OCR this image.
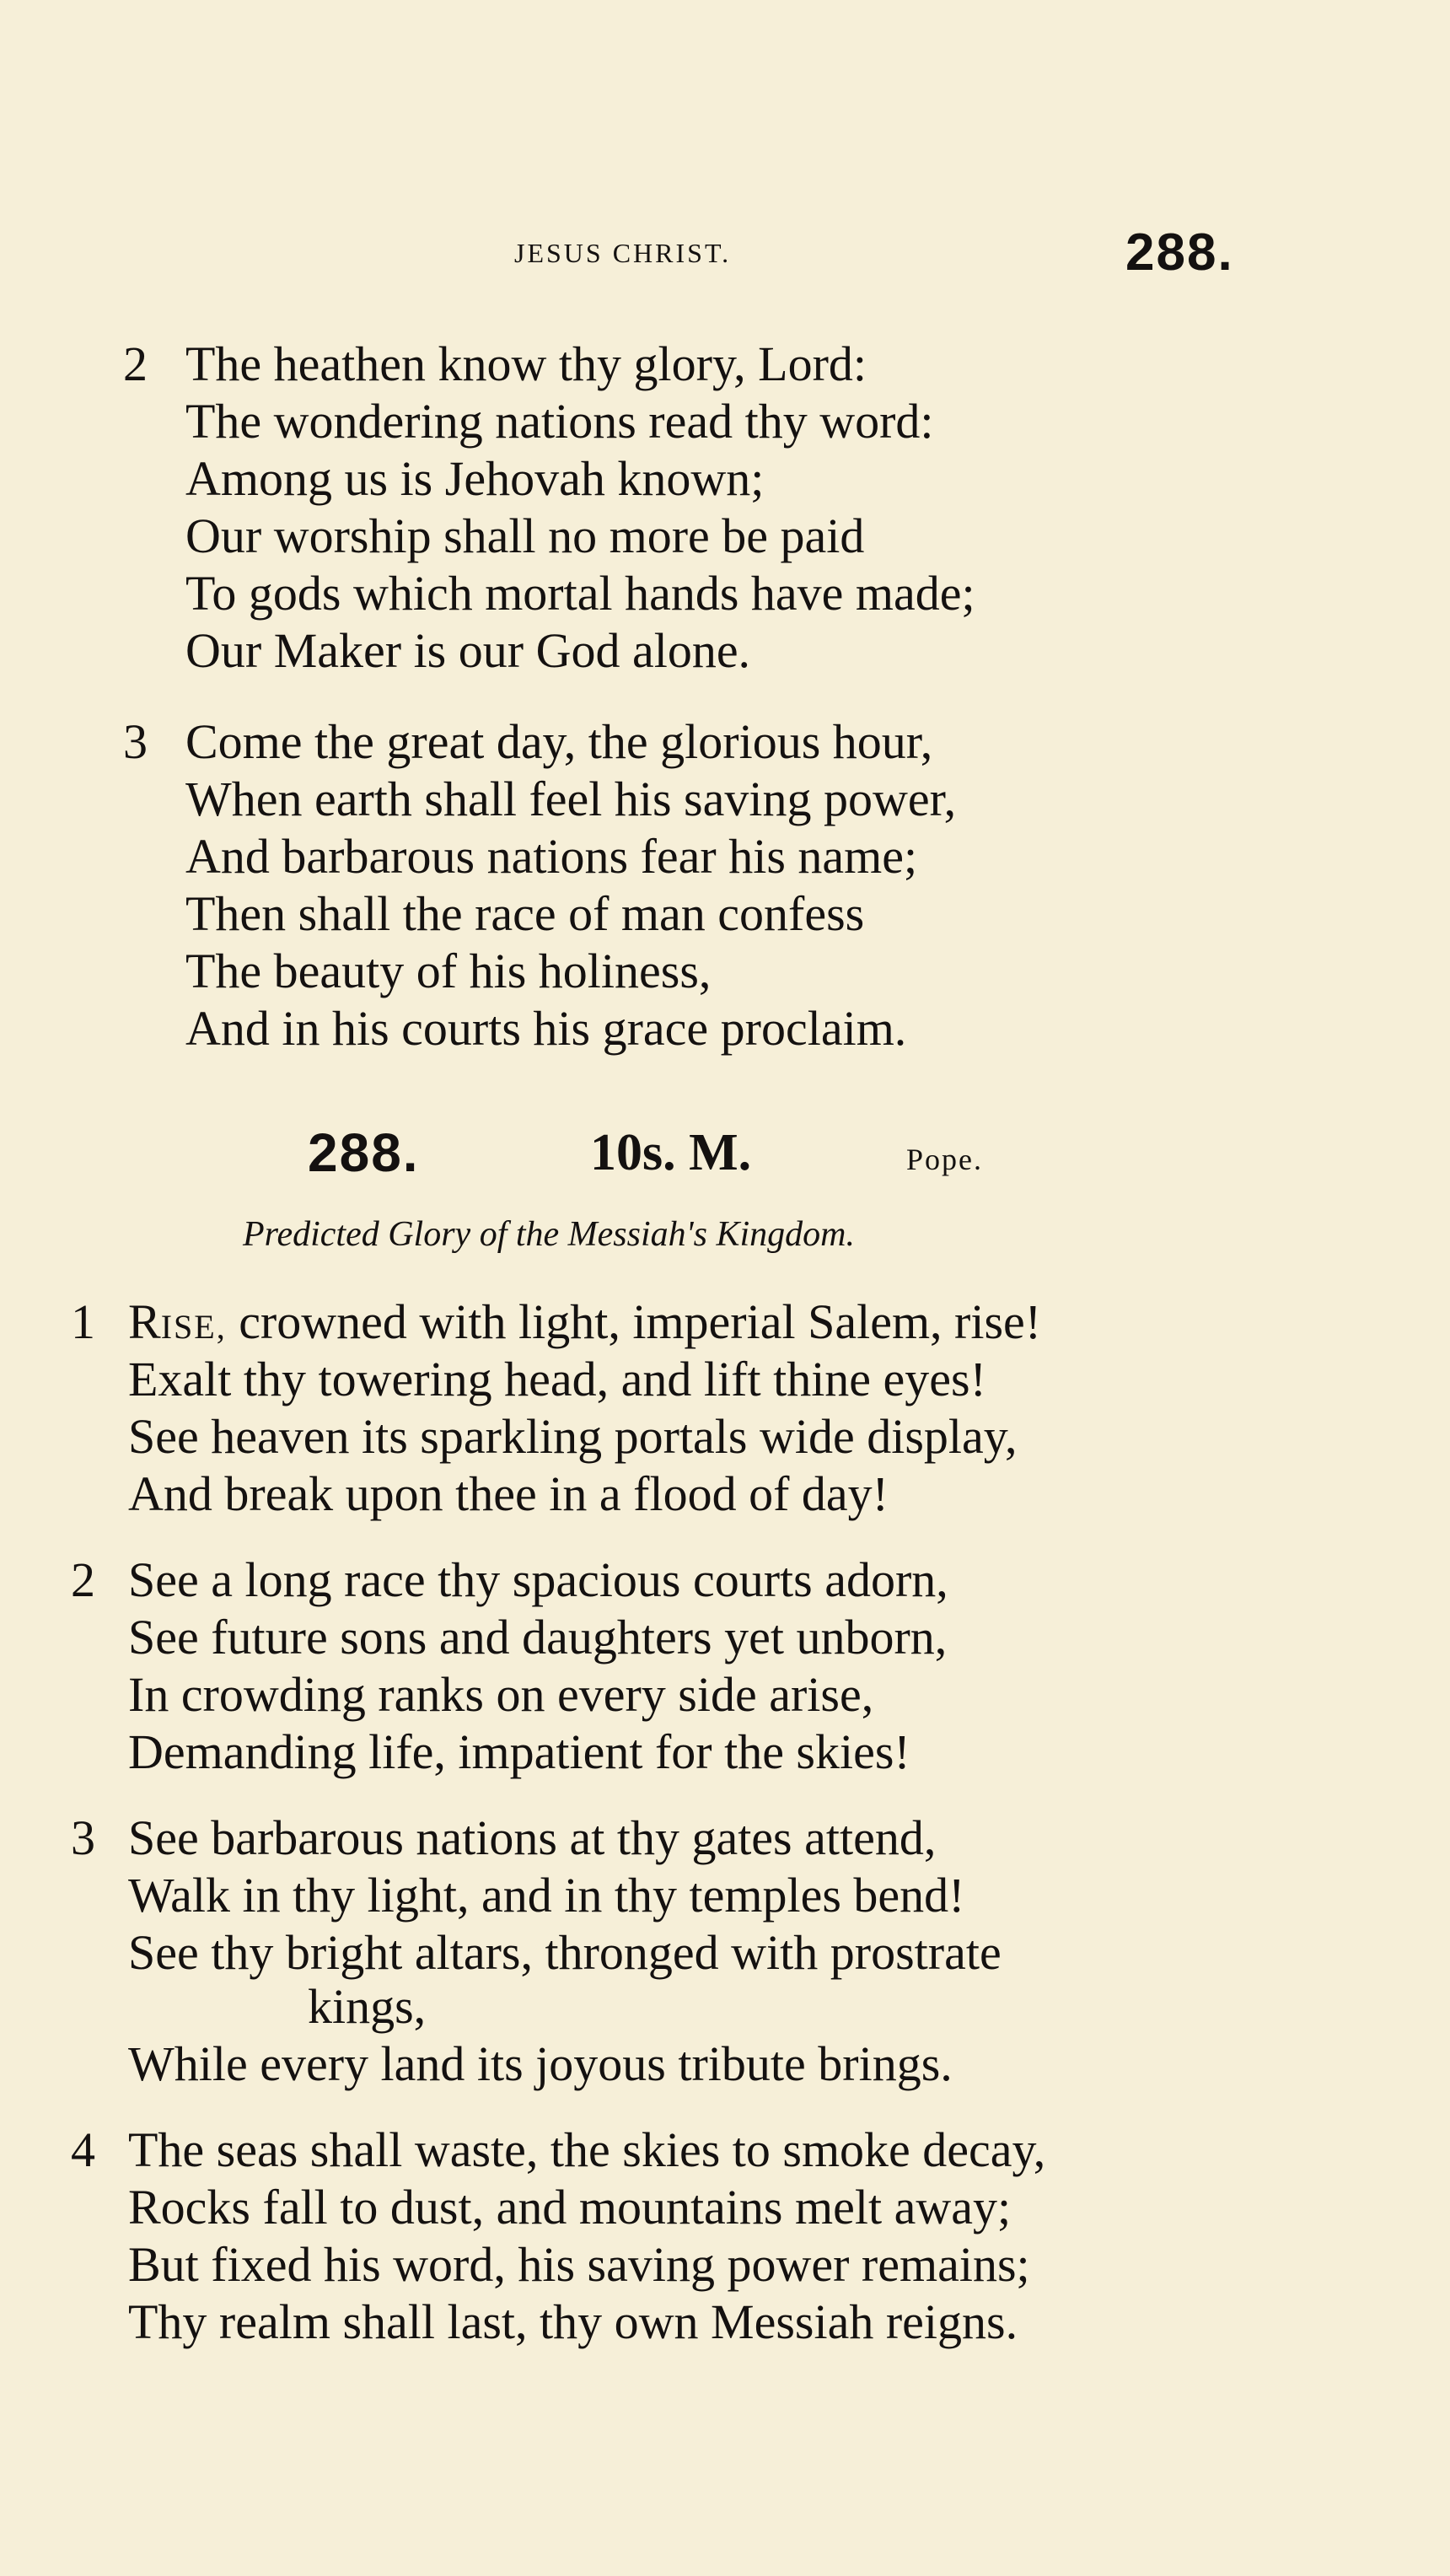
JESUS CHRIST.	288.
2 The heathen know thy glory, Lord:
The wondering nations read thy word:
Among us is Jehovah known;
Our worship shall no more be paid
To gods which mortal hands have made;
Our Maker is our God alone.
3 Come the great day, the glorious hour,
When earth shall feel his saving power,
And barbarous nations fear his name;
Then shall the race of man confess
The beauty of his holiness,
And in his courts his grace proclaim.
288.	10s. M.	Pope.
Predicted Glory of the Messiah's Kingdom.
1 RISE, crowned with light, imperial Salem, rise!
Exalt thy towering head, and lift thine eyes!
See heaven its sparkling portals wide display,
And break upon thee in a flood of day!
2 See a long race thy spacious courts adorn,
See future sons and daughters yet unborn,
In crowding ranks on every side arise,
Demanding life, impatient for the skies!
3 See barbarous nations at thy gates attend,
Walk in thy light, and in thy temples bend!
See thy bright altars, thronged with prostrate
kings,
While every land its joyous tribute brings.
4 The seas shall waste, the skies to smoke decay,
Rocks fall to dust, and mountains melt away;
But fixed his word, his saving power remains;
Thy realm shall last, thy own Messiah reigns.
